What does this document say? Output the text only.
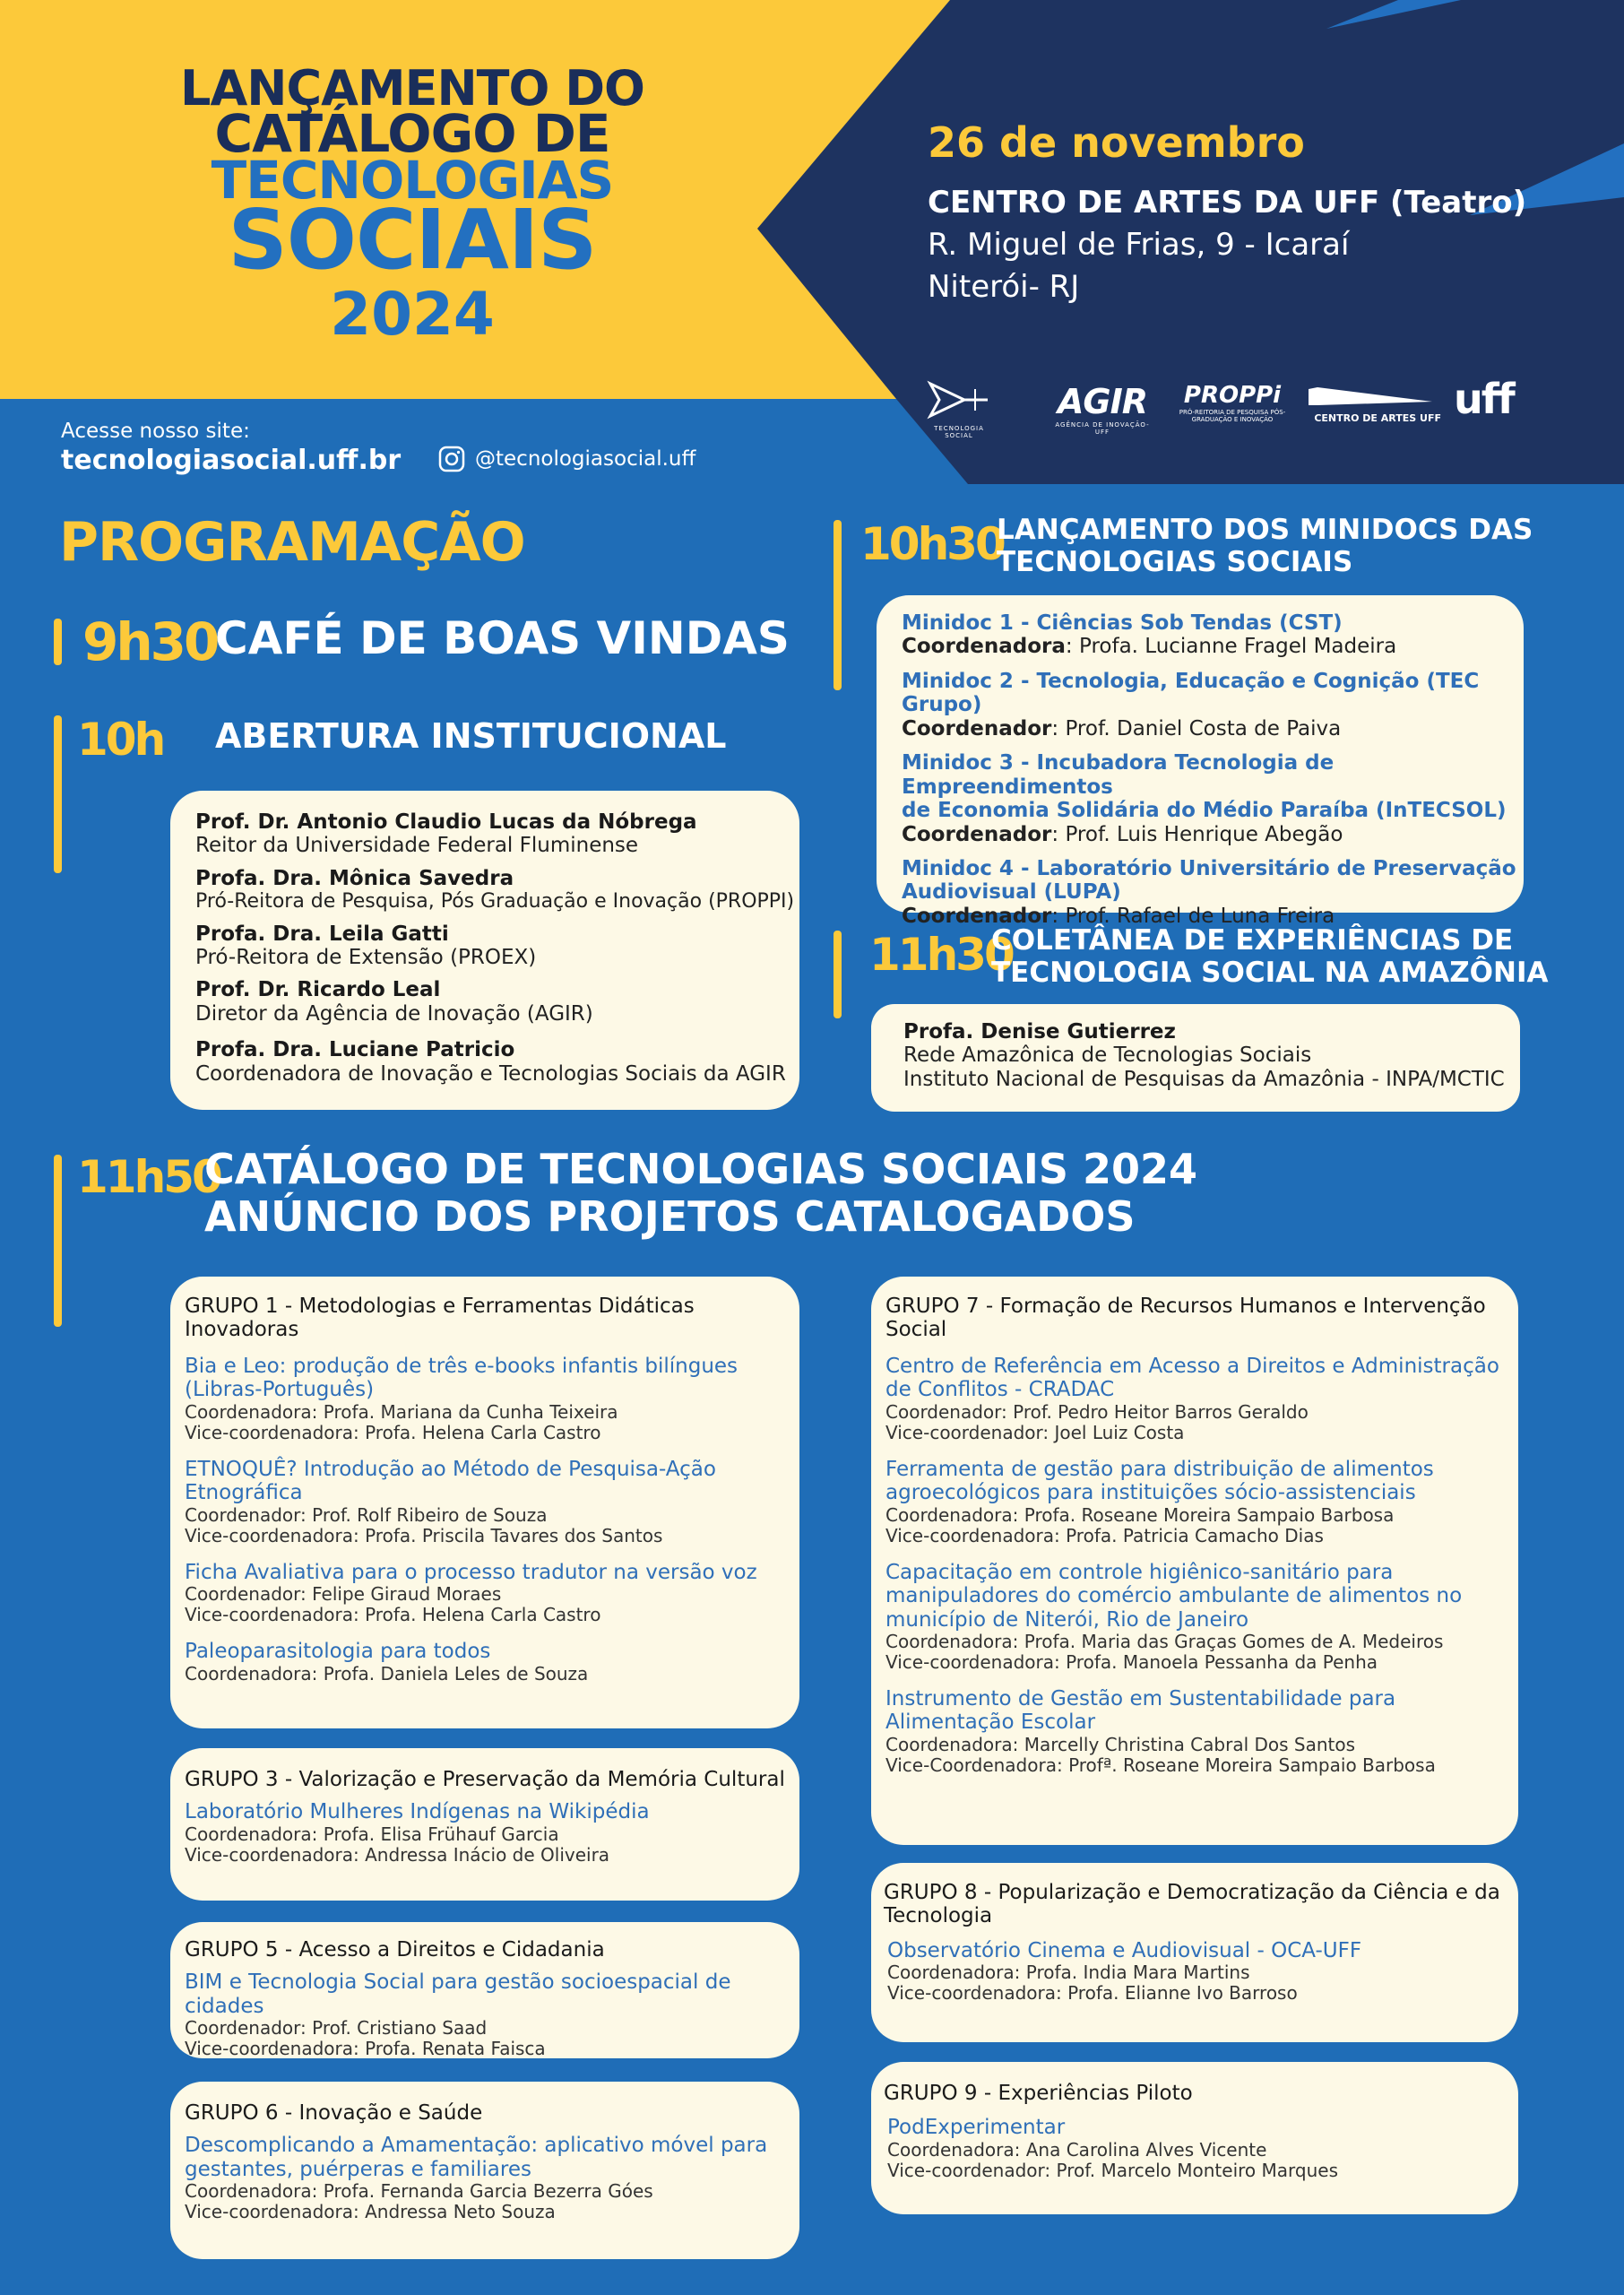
LANÇAMENTO DO
CATÁLOGO DE
TECNOLOGIAS
SOCIAIS
2024
26 de novembro
CENTRO DE ARTES DA UFF (Teatro)
R. Miguel de Frias, 9 - Icaraí
Niterói- RJ
TECNOLOGIA SOCIAL
AGIR
AGÊNCIA DE INOVAÇÃO-UFF
PROPPi
PRÓ-REITORIA DE PESQUISA PÓS-GRADUAÇÃO E INOVAÇÃO	CENTRO DE ARTES UFF uff
Acesse nosso site:
tecnologiasocial.uff.br	@tecnologiasocial.uff
PROGRAMAÇÃO
9h30
CAFÉ DE BOAS VINDAS
10h ABERTURA INSTITUCIONAL

Prof. Dr. Antonio Claudio Lucas da Nóbrega

Reitor da Universidade Federal Fluminense

Profa. Dra. Mônica Savedra

Pró-Reitora de Pesquisa, Pós Graduação e Inovação (PROPPI)

Profa. Dra. Leila Gatti

Pró-Reitora de Extensão (PROEX)

Prof. Dr. Ricardo Leal

Diretor da Agência de Inovação (AGIR)

Profa. Dra. Luciane Patricio

Coordenadora de Inovação e Tecnologias Sociais da AGIR

10h30
LANÇAMENTO DOS MINIDOCS DAS
TECNOLOGIAS SOCIAIS

Minidoc 1 - Ciências Sob Tendas (CST)

Coordenadora: Profa. Lucianne Fragel Madeira

Minidoc 2 - Tecnologia, Educação e Cognição (TEC Grupo)

Coordenador: Prof. Daniel Costa de Paiva

Minidoc 3 - Incubadora Tecnologia de Empreendimentos

de Economia Solidária do Médio Paraíba (InTECSOL)

Coordenador: Prof. Luis Henrique Abegão

Minidoc 4 - Laboratório Universitário de Preservação

Audiovisual (LUPA)

Coordenador: Prof. Rafael de Luna Freira

11h30
COLETÂNEA DE EXPERIÊNCIAS DE
TECNOLOGIA SOCIAL NA AMAZÔNIA

Profa. Denise Gutierrez

Rede Amazônica de Tecnologias Sociais

Instituto Nacional de Pesquisas da Amazônia - INPA/MCTIC

11h50
CATÁLOGO DE TECNOLOGIAS SOCIAIS 2024
ANÚNCIO DOS PROJETOS CATALOGADOS

GRUPO 1 - Metodologias e Ferramentas Didáticas Inovadoras

Bia e Leo: produção de três e-books infantis bilíngues

(Libras-Português)

Coordenadora: Profa. Mariana da Cunha Teixeira

Vice-coordenadora: Profa. Helena Carla Castro

ETNOQUÊ? Introdução ao Método de Pesquisa-Ação

Etnográfica

Coordenador: Prof. Rolf Ribeiro de Souza

Vice-coordenadora: Profa. Priscila Tavares dos Santos

Ficha Avaliativa para o processo tradutor na versão voz

Coordenador: Felipe Giraud Moraes

Vice-coordenadora: Profa. Helena Carla Castro

Paleoparasitologia para todos

Coordenadora: Profa. Daniela Leles de Souza

GRUPO 3 - Valorização e Preservação da Memória Cultural

Laboratório Mulheres Indígenas na Wikipédia

Coordenadora: Profa. Elisa Frühauf Garcia

Vice-coordenadora: Andressa Inácio de Oliveira

GRUPO 5 - Acesso a Direitos e Cidadania

BIM e Tecnologia Social para gestão socioespacial de cidades

Coordenador: Prof. Cristiano Saad

Vice-coordenadora: Profa. Renata Faisca

GRUPO 6 - Inovação e Saúde

Descomplicando a Amamentação: aplicativo móvel para

gestantes, puérperas e familiares

Coordenadora: Profa. Fernanda Garcia Bezerra Góes

Vice-coordenadora: Andressa Neto Souza

GRUPO 7 - Formação de Recursos Humanos e Intervenção Social

Centro de Referência em Acesso a Direitos e Administração

de Conflitos - CRADAC

Coordenador: Prof. Pedro Heitor Barros Geraldo

Vice-coordenador: Joel Luiz Costa

Ferramenta de gestão para distribuição de alimentos

agroecológicos para instituições sócio-assistenciais

Coordenadora: Profa. Roseane Moreira Sampaio Barbosa

Vice-coordenadora: Profa. Patricia Camacho Dias

Capacitação em controle higiênico-sanitário para

manipuladores do comércio ambulante de alimentos no

município de Niterói, Rio de Janeiro

Coordenadora: Profa. Maria das Graças Gomes de A. Medeiros

Vice-coordenadora: Profa. Manoela Pessanha da Penha

Instrumento de Gestão em Sustentabilidade para

Alimentação Escolar

Coordenadora: Marcelly Christina Cabral Dos Santos

Vice-Coordenadora: Profª. Roseane Moreira Sampaio Barbosa

GRUPO 8 - Popularização e Democratização da Ciência e da

Tecnologia

Observatório Cinema e Audiovisual - OCA-UFF

Coordenadora: Profa. India Mara Martins

Vice-coordenadora: Profa. Elianne Ivo Barroso

GRUPO 9 - Experiências Piloto

PodExperimentar

Coordenadora: Ana Carolina Alves Vicente

Vice-coordenador: Prof. Marcelo Monteiro Marques
